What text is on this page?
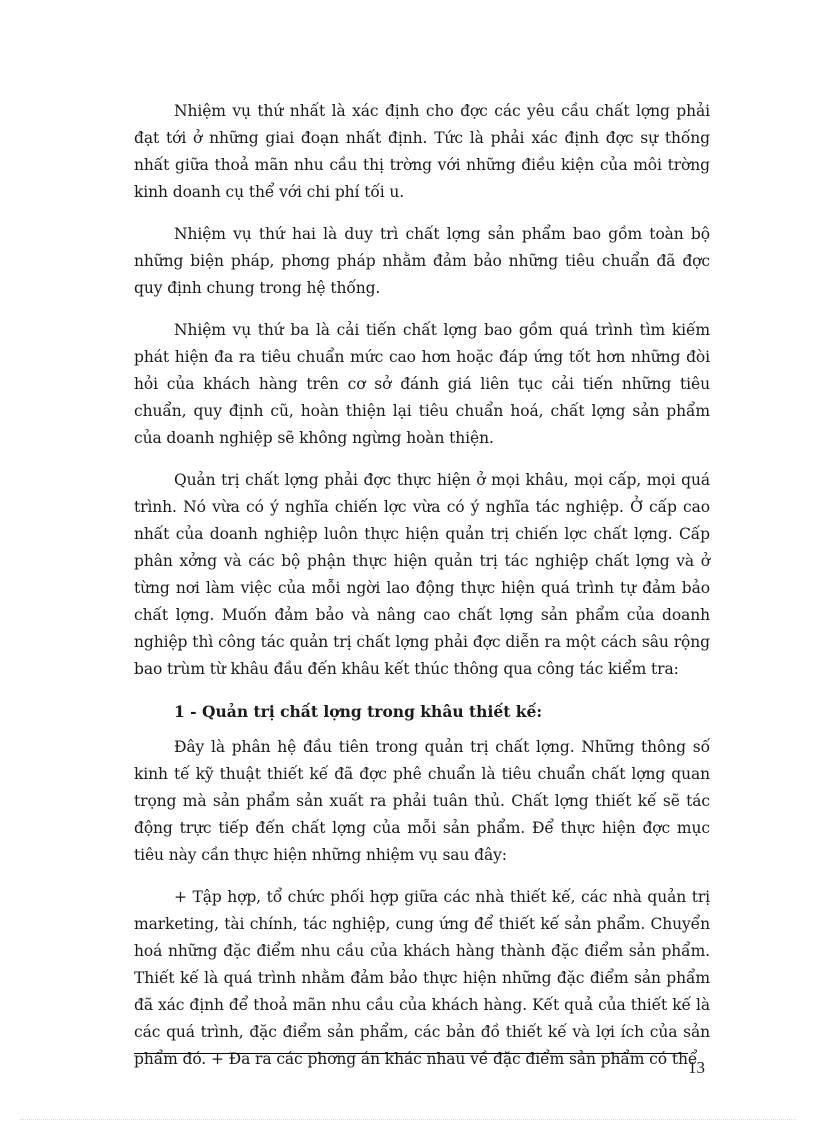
Nhiệm vụ thứ nhất là xác định cho đợc các yêu cầu chất lợng phải đạt tới ở những giai đoạn nhất định. Tức là phải xác định đợc sự thống nhất giữa thoả mãn nhu cầu thị trờng với những điều kiện của môi trờng kinh doanh cụ thể với chi phí tối u.

Nhiệm vụ thứ hai là duy trì chất lợng sản phẩm bao gồm toàn bộ những biện pháp, phơng pháp nhằm đảm bảo những tiêu chuẩn đã đợc quy định chung trong hệ thống.

Nhiệm vụ thứ ba là cải tiến chất lợng bao gồm quá trình tìm kiếm phát hiện đa ra tiêu chuẩn mức cao hơn hoặc đáp ứng tốt hơn những đòi hỏi của khách hàng trên cơ sở đánh giá liên tục cải tiến những tiêu chuẩn, quy định cũ, hoàn thiện lại tiêu chuẩn hoá, chất lợng sản phẩm của doanh nghiệp sẽ không ngừng hoàn thiện.

Quản trị chất lợng phải đợc thực hiện ở mọi khâu, mọi cấp, mọi quá trình. Nó vừa có ý nghĩa chiến lợc vừa có ý nghĩa tác nghiệp. Ở cấp cao nhất của doanh nghiệp luôn thực hiện quản trị chiến lợc chất lợng. Cấp phân xởng và các bộ phận thực hiện quản trị tác nghiệp chất lợng và ở từng nơi làm việc của mỗi ngời lao động thực hiện quá trình tự đảm bảo chất lợng. Muốn đảm bảo và nâng cao chất lợng sản phẩm của doanh nghiệp thì công tác quản trị chất lợng phải đợc diễn ra một cách sâu rộng bao trùm từ khâu đầu đến khâu kết thúc thông qua công tác kiểm tra:

1 - Quản trị chất lợng trong khâu thiết kế:

Đây là phân hệ đầu tiên trong quản trị chất lợng. Những thông số kinh tế kỹ thuật thiết kế đã đợc phê chuẩn là tiêu chuẩn chất lợng quan trọng mà sản phẩm sản xuất ra phải tuân thủ. Chất lợng thiết kế sẽ tác động trực tiếp đến chất lợng của mỗi sản phẩm. Để thực hiện đợc mục tiêu này cần thực hiện những nhiệm vụ sau đây:

+ Tập hợp, tổ chức phối hợp giữa các nhà thiết kế, các nhà quản trị marketing, tài chính, tác nghiệp, cung ứng để thiết kế sản phẩm. Chuyển hoá những đặc điểm nhu cầu của khách hàng thành đặc điểm sản phẩm. Thiết kế là quá trình nhằm đảm bảo thực hiện những đặc điểm sản phẩm đã xác định để thoả mãn nhu cầu của khách hàng. Kết quả của thiết kế là các quá trình, đặc điểm sản phẩm, các bản đồ thiết kế và lợi ích của sản phẩm đó. + Đa ra các phơng án khác nhau về đặc điểm sản phẩm có thể

13
